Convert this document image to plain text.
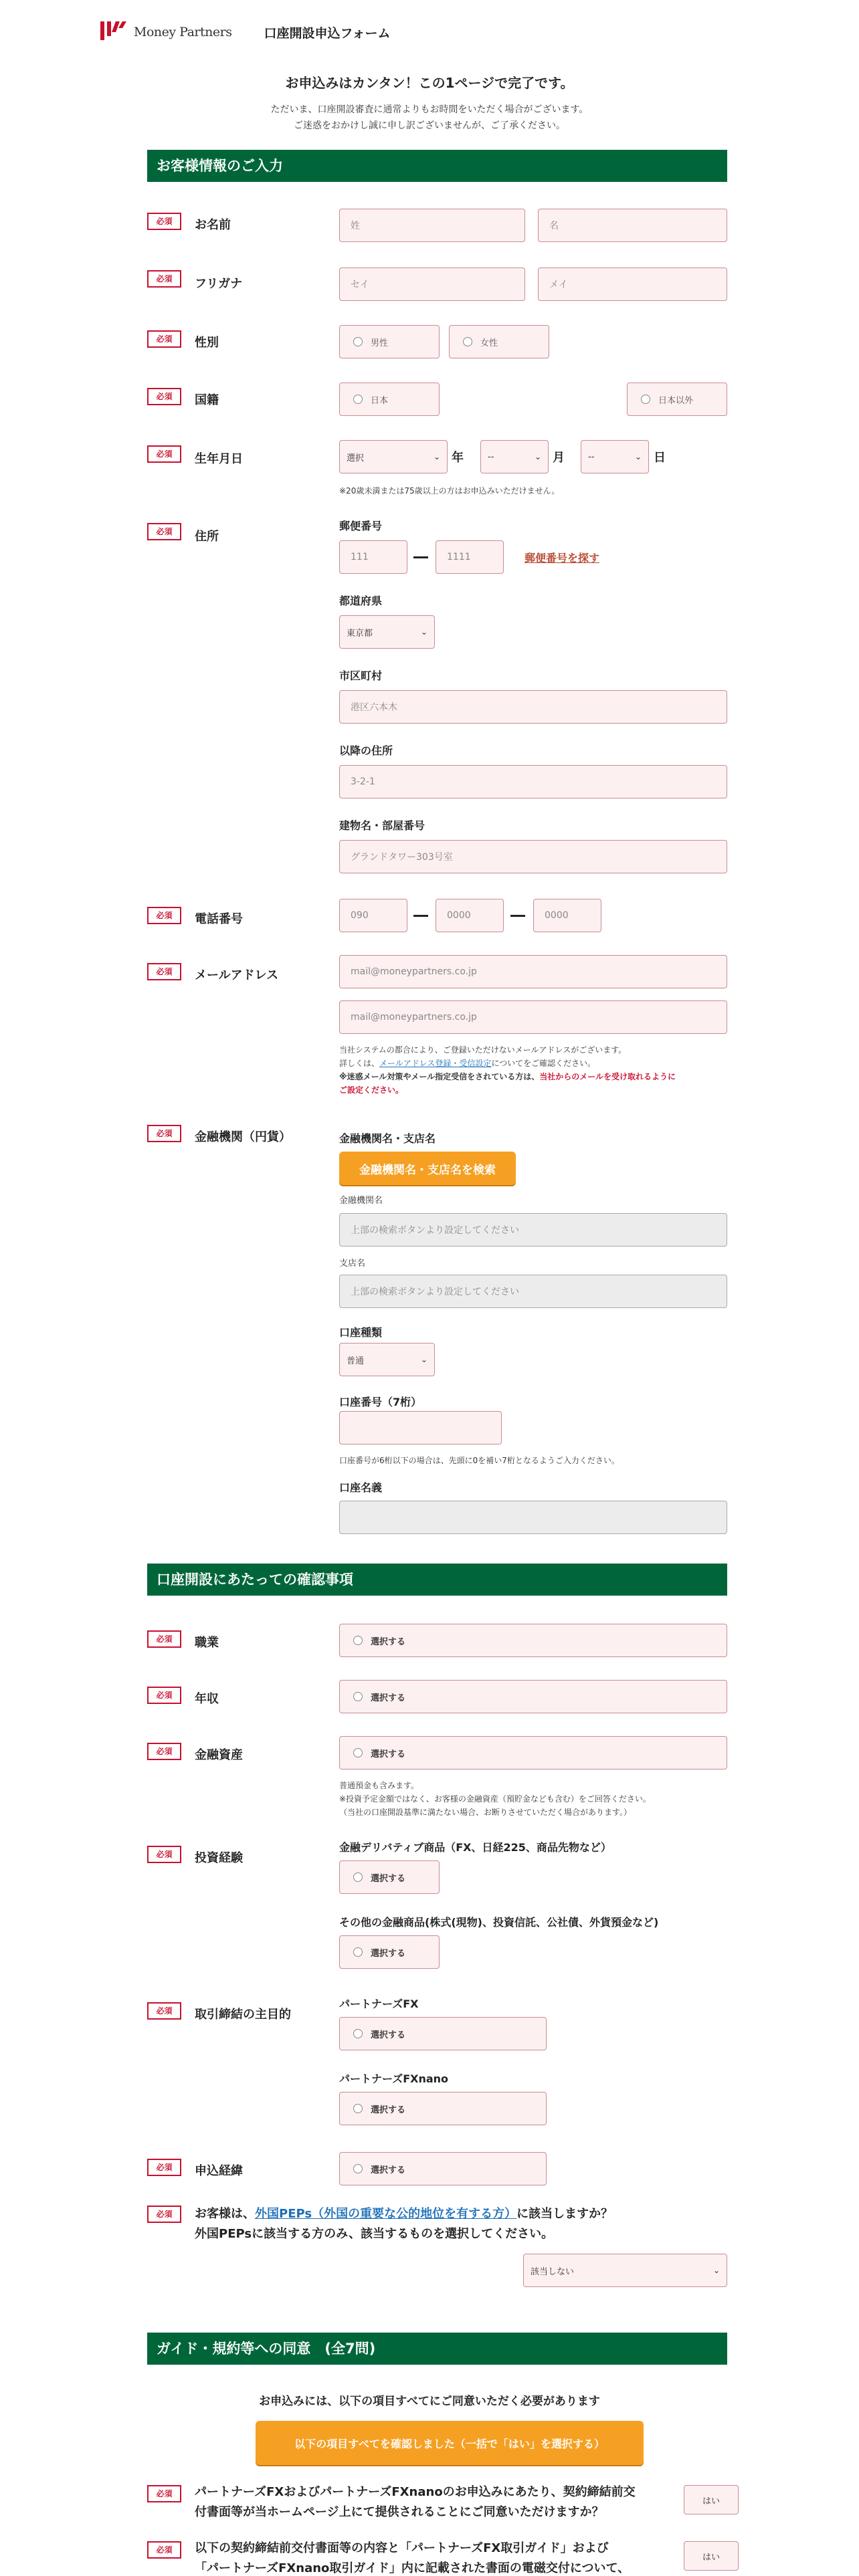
Money Partners	口座開設申込フォーム
お申込みはカンタン！この1ページで完了です。
ただいま、口座開設審査に通常よりもお時間をいただく場合がございます。
ご迷惑をおかけし誠に申し訳ございませんが、ご了承ください。
お客様情報のご入力
必須	お名前	姓	名
必須	フリガナ	セイ	メイ
必須	性別	男性	女性
必須	国籍	日本	日本以外
必須	生年月日	選択	⌄ 年	--	⌄ 月	--	⌄ 日
※20歳未満または75歳以上の方はお申込みいただけません。
必須	住所
郵便番号
111	1111	郵便番号を探す
都道府県
東京都	⌄
市区町村
港区六本木
以降の住所
3-2-1
建物名・部屋番号
グランドタワー303号室
必須	電話番号	090	0000	0000
必須	メールアドレス	mail@moneypartners.co.jp
mail@moneypartners.co.jp
当社システムの都合により、ご登録いただけないメールアドレスがございます。
詳しくは、メールアドレス登録・受信設定についてをご確認ください。
※迷惑メール対策やメール指定受信をされている方は、当社からのメールを受け取れるように
ご設定ください。
必須	金融機関（円貨）	金融機関名・支店名
金融機関名・支店名を検索
金融機関名
上部の検索ボタンより設定してください
支店名
上部の検索ボタンより設定してください
口座種類
普通	⌄
口座番号（7桁）
口座番号が6桁以下の場合は、先頭に0を補い7桁となるようご入力ください。
口座名義
口座開設にあたっての確認事項
必須	職業	選択する
必須	年収	選択する
必須	金融資産	選択する
普通預金も含みます。
※投資予定金額ではなく、お客様の金融資産（預貯金なども含む）をご回答ください。
（当社の口座開設基準に満たない場合、お断りさせていただく場合があります。）
必須	投資経験
金融デリバティブ商品（FX、日経225、商品先物など）
選択する
その他の金融商品(株式(現物)、投資信託、公社債、外貨預金など)
選択する
必須	取引締結の主目的
パートナーズFX
選択する
パートナーズFXnano
選択する
必須	申込経緯	選択する
必須	お客様は、外国PEPs（外国の重要な公的地位を有する方）に該当しますか？
外国PEPsに該当する方のみ、該当するものを選択してください。
該当しない	⌄
ガイド・規約等への同意　(全7問)
お申込みには、以下の項目すべてにご同意いただく必要があります
以下の項目すべてを確認しました（一括で「はい」を選択する）
必須	パートナーズFXおよびパートナーズFXnanoのお申込みにあたり、契約締結前交
付書面等が当ホームページ上にて提供されることにご同意いただけますか？
はい
必須	以下の契約締結前交付書面等の内容と「パートナーズFX取引ガイド」および
「パートナーズFXnano取引ガイド」内に記載された書面の電磁交付について、
はい
